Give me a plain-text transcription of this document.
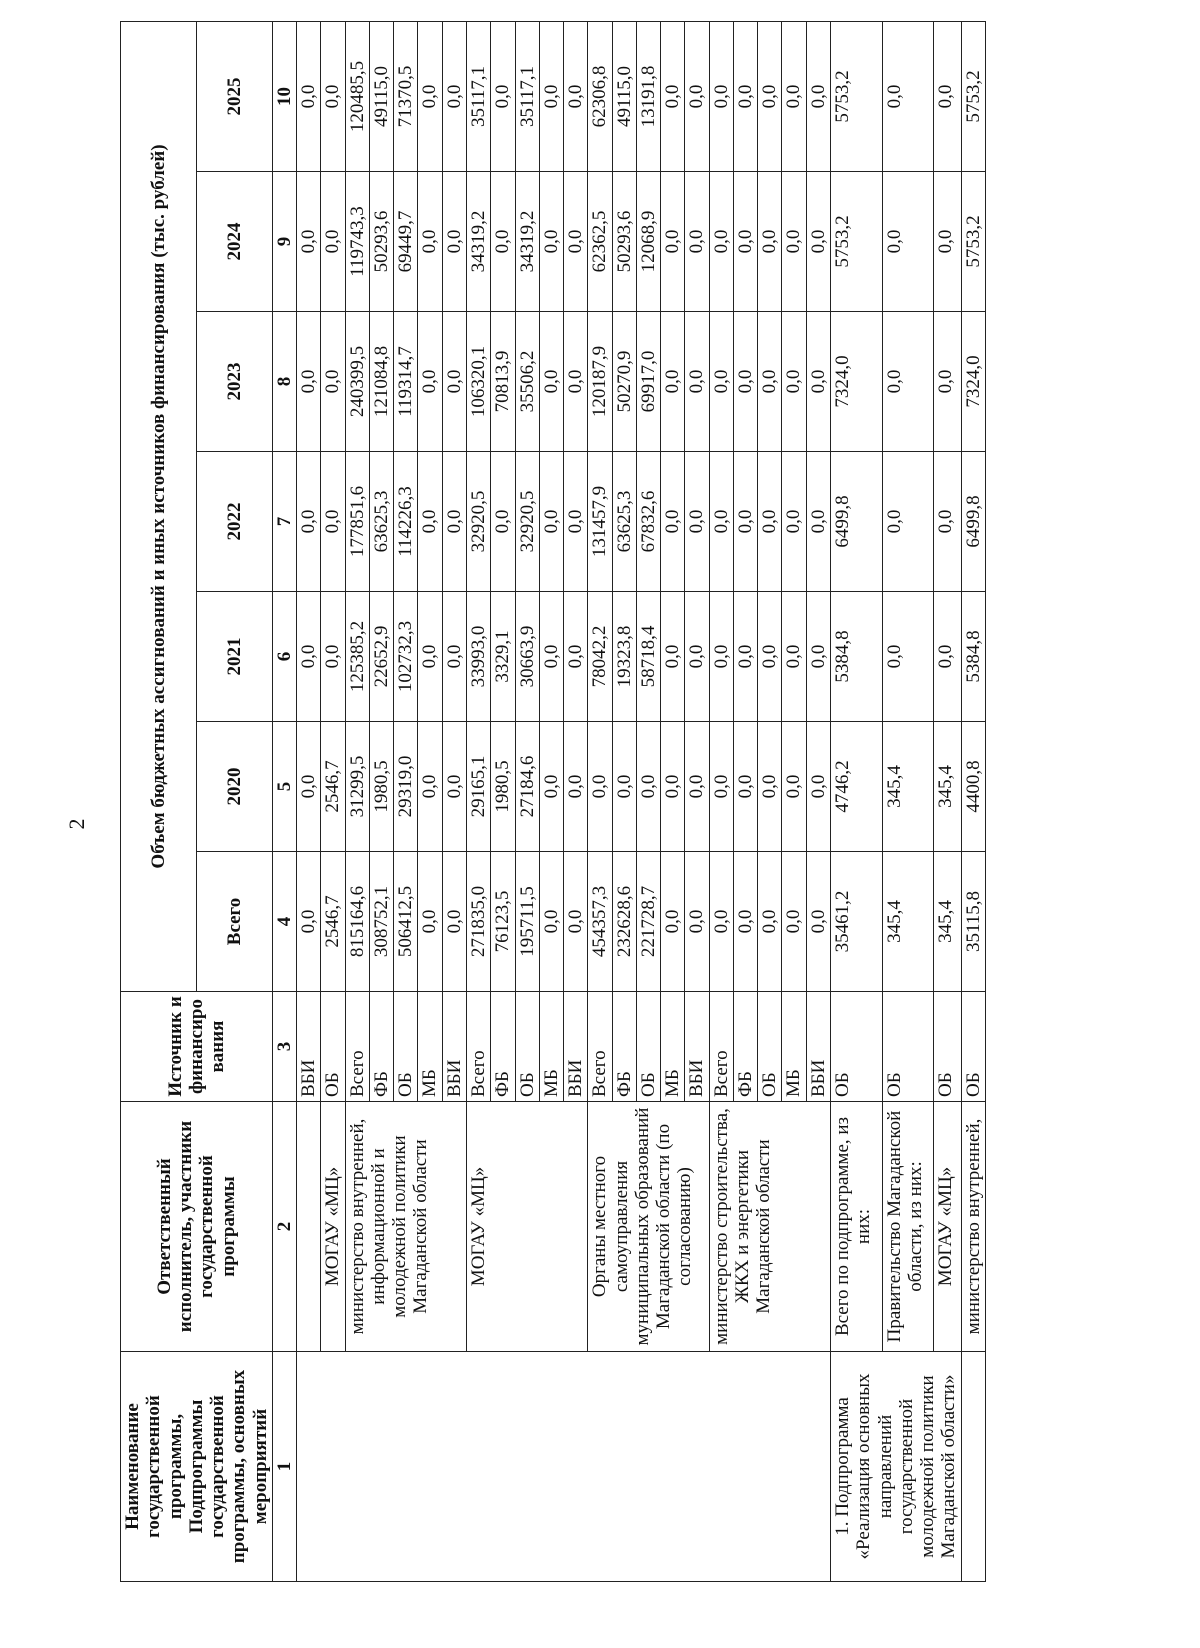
2
Наименование государственной программы, Подпрограммы государственной программы, основных мероприятий	Ответственный исполнитель, участники государственной программы	Источник и финансиро вания	Объем бюджетных ассигнований и иных источников финансирования (тыс. рублей)						
			Всего	2020	2021	2022	2023	2024	2025
1	2	3	4	5	6	7	8	9	10
		ВБИ	0,0	0,0	0,0	0,0	0,0	0,0	0,0
	МОГАУ «МЦ»	ОБ	2546,7	2546,7	0,0	0,0	0,0	0,0	0,0
	министерство внутренней, информационной и молодежной политики Магаданской области	Всего	815164,6	31299,5	125385,2	177851,6	240399,5	119743,3	120485,5
		ФБ	308752,1	1980,5	22652,9	63625,3	121084,8	50293,6	49115,0
		ОБ	506412,5	29319,0	102732,3	114226,3	119314,7	69449,7	71370,5
		МБ	0,0	0,0	0,0	0,0	0,0	0,0	0,0
		ВБИ	0,0	0,0	0,0	0,0	0,0	0,0	0,0
	МОГАУ «МЦ»	Всего	271835,0	29165,1	33993,0	32920,5	106320,1	34319,2	35117,1
		ФБ	76123,5	1980,5	3329,1	0,0	70813,9	0,0	0,0
		ОБ	195711,5	27184,6	30663,9	32920,5	35506,2	34319,2	35117,1
		МБ	0,0	0,0	0,0	0,0	0,0	0,0	0,0
		ВБИ	0,0	0,0	0,0	0,0	0,0	0,0	0,0
	Органы местного самоуправления муниципальных образований Магаданской области (по согласованию)	Всего	454357,3	0,0	78042,2	131457,9	120187,9	62362,5	62306,8
		ФБ	232628,6	0,0	19323,8	63625,3	50270,9	50293,6	49115,0
		ОБ	221728,7	0,0	58718,4	67832,6	69917,0	12068,9	13191,8
		МБ	0,0	0,0	0,0	0,0	0,0	0,0	0,0
		ВБИ	0,0	0,0	0,0	0,0	0,0	0,0	0,0
	министерство строительства, ЖКХ и энергетики Магаданской области	Всего	0,0	0,0	0,0	0,0	0,0	0,0	0,0
		ФБ	0,0	0,0	0,0	0,0	0,0	0,0	0,0
		ОБ	0,0	0,0	0,0	0,0	0,0	0,0	0,0
		МБ	0,0	0,0	0,0	0,0	0,0	0,0	0,0
		ВБИ	0,0	0,0	0,0	0,0	0,0	0,0	0,0
1. Подпрограмма «Реализация основных направлений государственной молодежной политики Магаданской области»	Всего по подпрограмме, из них:	ОБ	35461,2	4746,2	5384,8	6499,8	7324,0	5753,2	5753,2
	Правительство Магаданской области, из них:	ОБ	345,4	345,4	0,0	0,0	0,0	0,0	0,0
	МОГАУ «МЦ»	ОБ	345,4	345,4	0,0	0,0	0,0	0,0	0,0
	министерство внутренней,	ОБ	35115,8	4400,8	5384,8	6499,8	7324,0	5753,2	5753,2
